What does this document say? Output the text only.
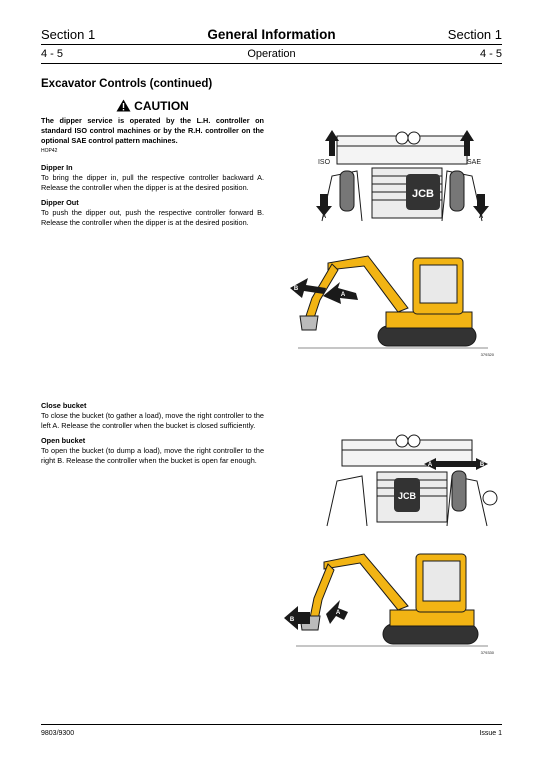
Section 1	General Information	Section 1
4 - 5	Operation	4 - 5
Excavator Controls (continued)
CAUTION
The dipper service is operated by the L.H. controller on standard ISO control machines or by the R.H. controller on the optional SAE control pattern machines.
HOP42
Dipper In
To bring the dipper in, pull the respective controller backward A. Release the controller when the dipper is at the desired position.
Dipper Out
To push the dipper out, push the respective controller forward B. Release the controller when the dipper is at the desired position.
Close bucket
To close the bucket (to gather a load), move the right controller to the left A. Release the controller when the bucket is closed sufficiently.
Open bucket
To open the bucket (to dump a load), move the right controller to the right B. Release the controller when the bucket is open far enough.
JCB
B	B
A	A
ISO	SAE
B
A
379320
JCB
A	B
B
A
379330
9803/9300	Issue 1
